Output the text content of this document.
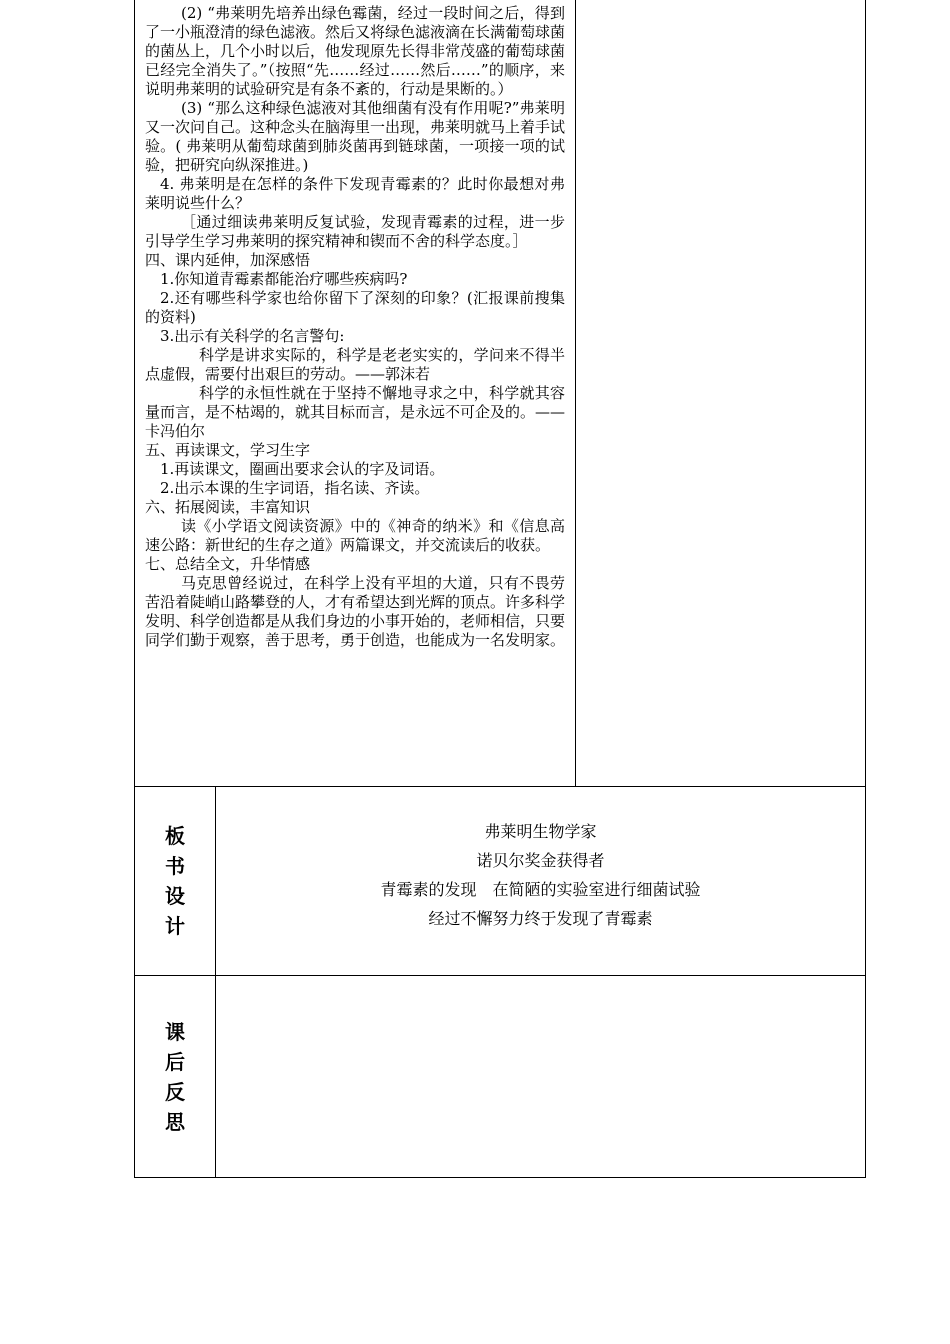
(2) “弗莱明先培养出绿色霉菌，经过一段时间之后，得到了一小瓶澄清的绿色滤液。然后又将绿色滤液滴在长满葡萄球菌的菌丛上，几个小时以后，他发现原先长得非常茂盛的葡萄球菌已经完全消失了。”（按照“先……经过……然后……”的顺序，来说明弗莱明的试验研究是有条不紊的，行动是果断的。）

(3) “那么这种绿色滤液对其他细菌有没有作用呢?”弗莱明又一次问自己。这种念头在脑海里一出现，弗莱明就马上着手试验。( 弗莱明从葡萄球菌到肺炎菌再到链球菌，一项接一项的试验，把研究向纵深推进。)

4. 弗莱明是在怎样的条件下发现青霉素的？此时你最想对弗莱明说些什么？

［通过细读弗莱明反复试验，发现青霉素的过程，进一步引导学生学习弗莱明的探究精神和锲而不舍的科学态度。］

四、课内延伸，加深感悟

1.你知道青霉素都能治疗哪些疾病吗?

2.还有哪些科学家也给你留下了深刻的印象？(汇报课前搜集的资料)

3.出示有关科学的名言警句:

科学是讲求实际的，科学是老老实实的，学问来不得半点虚假，需要付出艰巨的劳动。——郭沫若

科学的永恒性就在于坚持不懈地寻求之中，科学就其容量而言，是不枯竭的，就其目标而言，是永远不可企及的。——卡冯伯尔

五、再读课文，学习生字

1.再读课文，圈画出要求会认的字及词语。

2.出示本课的生字词语，指名读、齐读。

六、拓展阅读，丰富知识

读《小学语文阅读资源》中的《神奇的纳米》和《信息高速公路：新世纪的生存之道》两篇课文，并交流读后的收获。

七、总结全文，升华情感

马克思曾经说过，在科学上没有平坦的大道，只有不畏劳苦沿着陡峭山路攀登的人，才有希望达到光辉的顶点。许多科学发明、科学创造都是从我们身边的小事开始的，老师相信，只要同学们勤于观察，善于思考，勇于创造，也能成为一名发明家。

板书设计

弗莱明生物学家

诺贝尔奖金获得者

青霉素的发现　在简陋的实验室进行细菌试验

经过不懈努力终于发现了青霉素

课后反思
